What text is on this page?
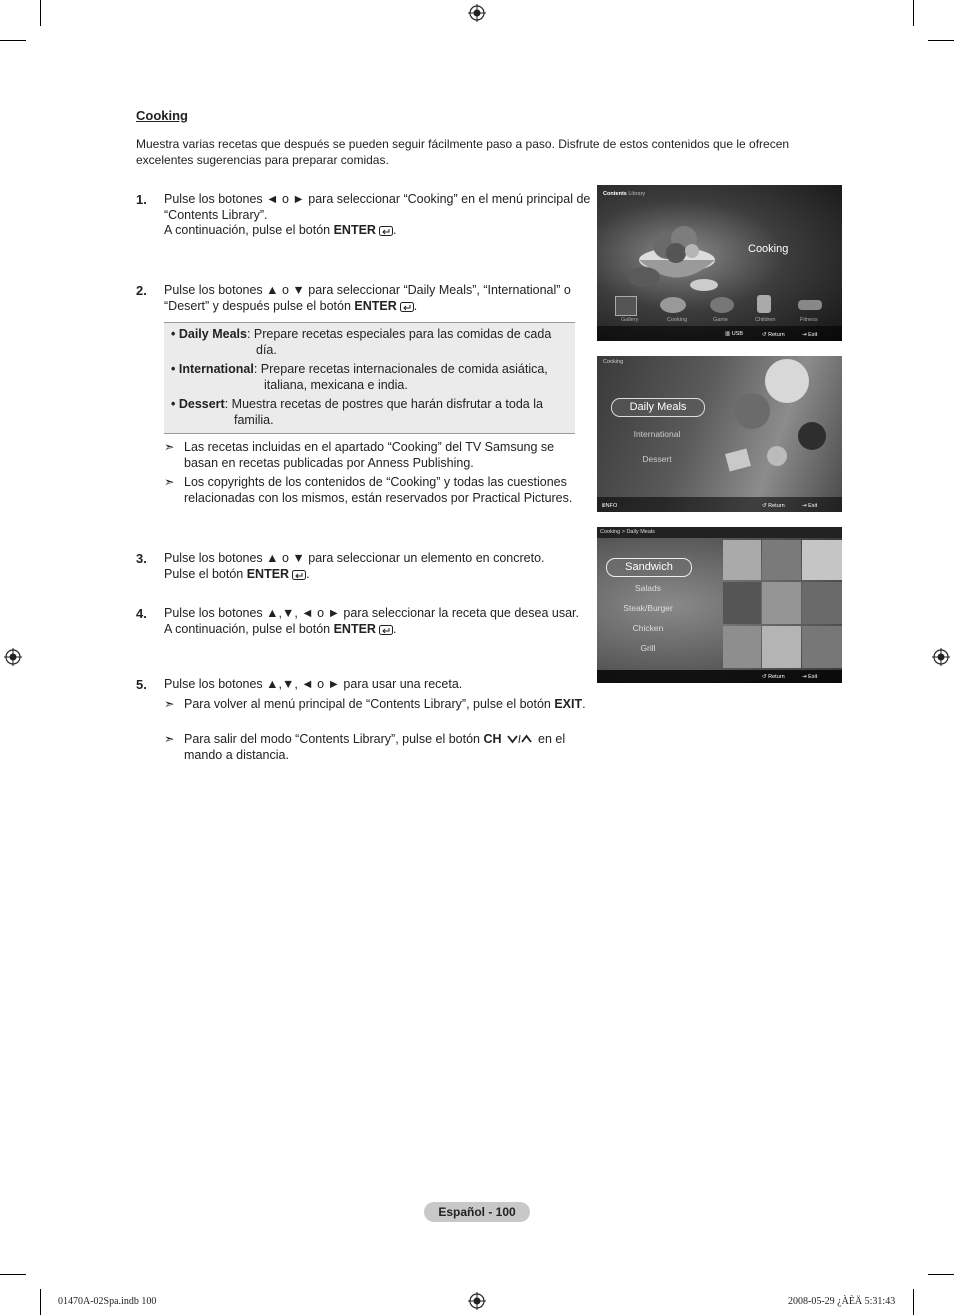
Cooking
Muestra varias recetas que después se pueden seguir fácilmente paso a paso. Disfrute de estos contenidos que le ofrecen excelentes sugerencias para preparar comidas.
1. Pulse los botones ◄ o ► para seleccionar “Cooking” en el menú principal de “Contents Library”.
A continuación, pulse el botón ENTER .
2. Pulse los botones ▲ o ▼ para seleccionar “Daily Meals”, “International” o “Desert” y después pulse el botón ENTER .
• Daily Meals: Prepare recetas especiales para las comidas de cada
día.
• International: Prepare recetas internacionales de comida asiática,
italiana, mexicana e india.
• Dessert: Muestra recetas de postres que harán disfrutar a toda la
familia.
➣ Las recetas incluidas en el apartado “Cooking” del TV Samsung se basan en recetas publicadas por Anness Publishing.
➣ Los copyrights de los contenidos de “Cooking” y todas las cuestiones relacionadas con los mismos, están reservados por Practical Pictures.
3. Pulse los botones ▲ o ▼ para seleccionar un elemento en concreto.
Pulse el botón ENTER .
4. Pulse los botones ▲,▼, ◄ o ► para seleccionar la receta que desea usar.
A continuación, pulse el botón ENTER .
5. Pulse los botones ▲,▼, ◄ o ► para usar una receta.
➣ Para volver al menú principal de “Contents Library”, pulse el botón EXIT.
➣ Para salir del modo “Contents Library”, pulse el botón CH	en el mando a distancia.
Contents Library
Cooking
Gallery	Cooking	Game	Children	Fitness
▥ USB	↺ Return	⇥ Exit
Cooking
Daily Meals
International
Dessert
ℹINFO	↺ Return	⇥ Exit
Cooking > Daily Meals
Sandwich
Salads
Steak/Burger
Chicken
Grill
↺ Return	⇥ Exit
Español - 100
01470A-02Spa.indb 100	2008-05-29 ¿ÀÈÄ 5:31:43
